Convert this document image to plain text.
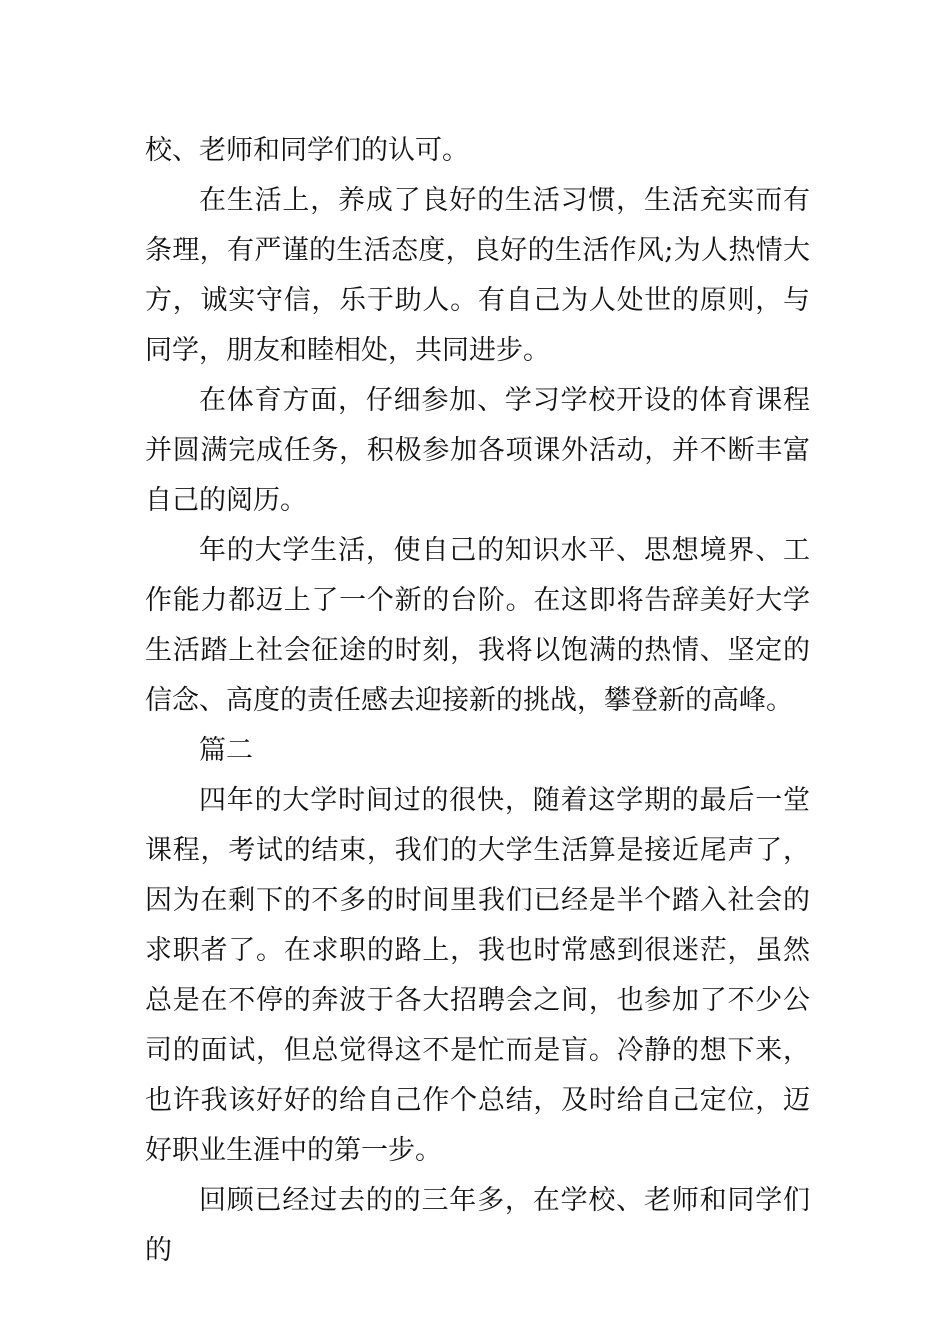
校、老师和同学们的认可。

在生活上，养成了良好的生活习惯，生活充实而有条理，有严谨的生活态度，良好的生活作风;为人热情大方，诚实守信，乐于助人。有自己为人处世的原则，与同学，朋友和睦相处，共同进步。

在体育方面，仔细参加、学习学校开设的体育课程并圆满完成任务，积极参加各项课外活动，并不断丰富自己的阅历。

年的大学生活，使自己的知识水平、思想境界、工作能力都迈上了一个新的台阶。在这即将告辞美好大学生活踏上社会征途的时刻，我将以饱满的热情、坚定的信念、高度的责任感去迎接新的挑战，攀登新的高峰。

篇二

四年的大学时间过的很快，随着这学期的最后一堂课程，考试的结束，我们的大学生活算是接近尾声了，因为在剩下的不多的时间里我们已经是半个踏入社会的求职者了。在求职的路上，我也时常感到很迷茫，虽然总是在不停的奔波于各大招聘会之间，也参加了不少公司的面试，但总觉得这不是忙而是盲。冷静的想下来，也许我该好好的给自己作个总结，及时给自己定位，迈好职业生涯中的第一步。

回顾已经过去的的三年多，在学校、老师和同学们的
